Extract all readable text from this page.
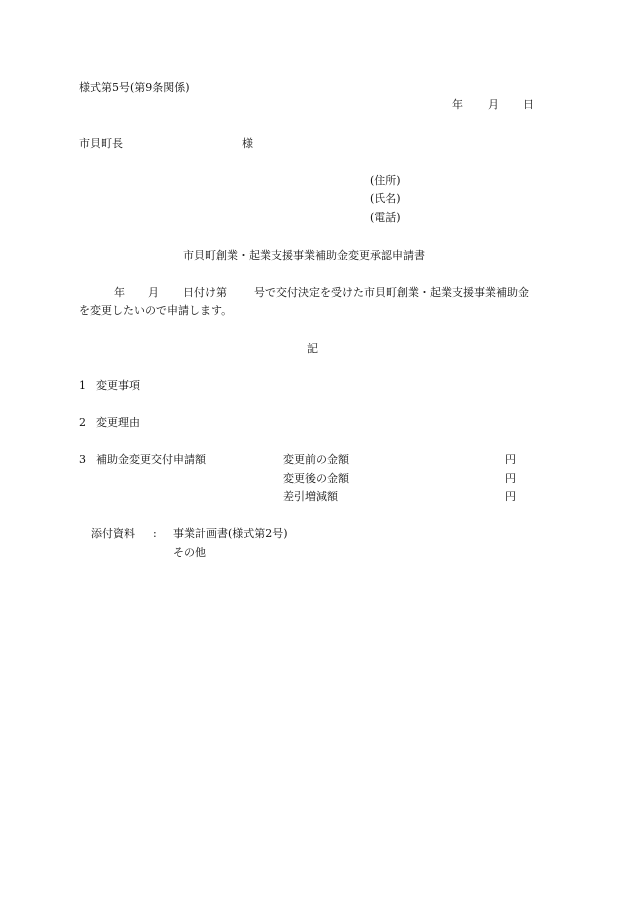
様式第5号(第9条関係)
年 月 日
市貝町長	様
(住所)
(氏名)
(電話)
市貝町創業・起業支援事業補助金変更承認申請書
年 月 日付け第 号で交付決定を受けた市貝町創業・起業支援事業補助金
を変更したいので申請します。
記
1 変更事項
2 変更理由
3 補助金変更交付申請額	変更前の金額	円
変更後の金額	円
差引増減額	円
添付資料 : 事業計画書(様式第2号)
その他
